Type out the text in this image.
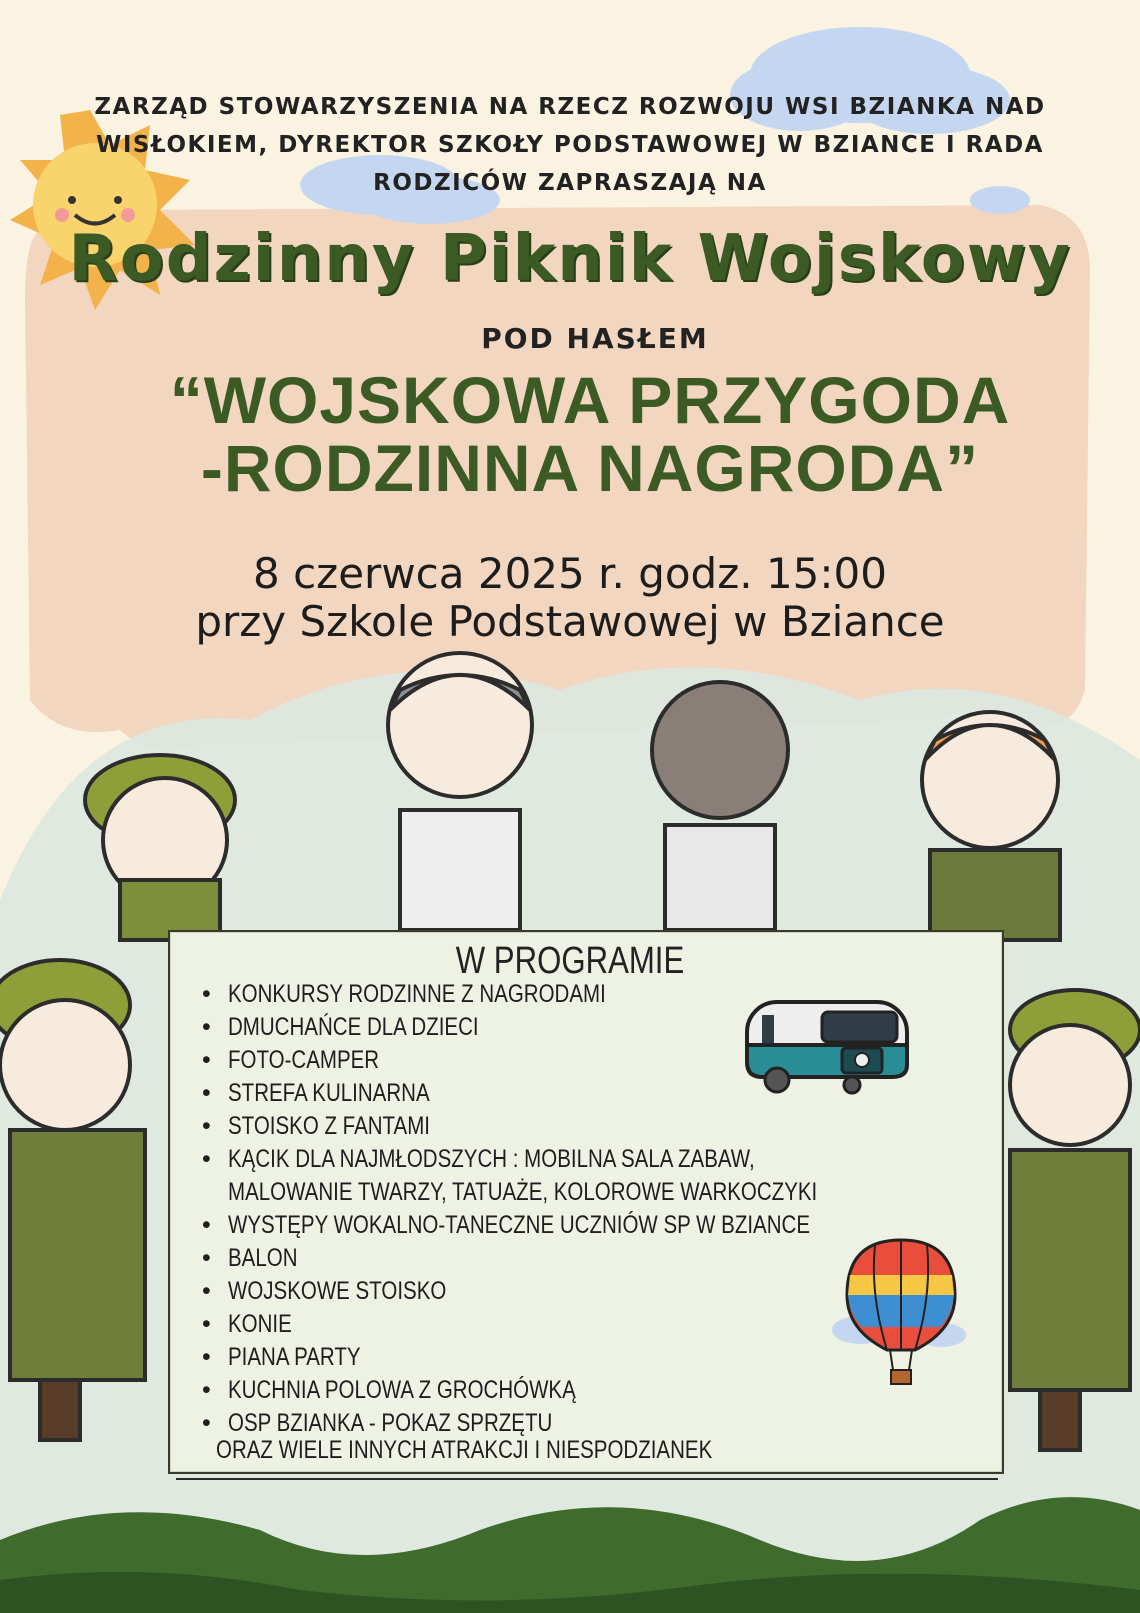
ZARZĄD STOWARZYSZENIA NA RZECZ ROZWOJU WSI BZIANKA NAD
WISŁOKIEM, DYREKTOR SZKOŁY PODSTAWOWEJ W BZIANCE I RADA
RODZICÓW ZAPRASZAJĄ NA
Rodzinny Piknik Wojskowy
POD HASŁEM
“WOJSKOWA PRZYGODA
-RODZINNA NAGRODA”
8 czerwca 2025 r. godz. 15:00
przy Szkole Podstawowej w Bziance
W PROGRAMIE
• KONKURSY RODZINNE Z NAGRODAMI
• DMUCHAŃCE DLA DZIECI
• FOTO-CAMPER
• STREFA KULINARNA
• STOISKO Z FANTAMI
• KĄCIK DLA NAJMŁODSZYCH : MOBILNA SALA ZABAW, MALOWANIE TWARZY, TATUAŻE, KOLOROWE WARKOCZYKI
• WYSTĘPY WOKALNO-TANECZNE UCZNIÓW SP W BZIANCE
• BALON
• WOJSKOWE STOISKO
• KONIE
• PIANA PARTY
• KUCHNIA POLOWA Z GROCHÓWKĄ
• OSP BZIANKA - POKAZ SPRZĘTU
ORAZ WIELE INNYCH ATRAKCJI I NIESPODZIANEK
